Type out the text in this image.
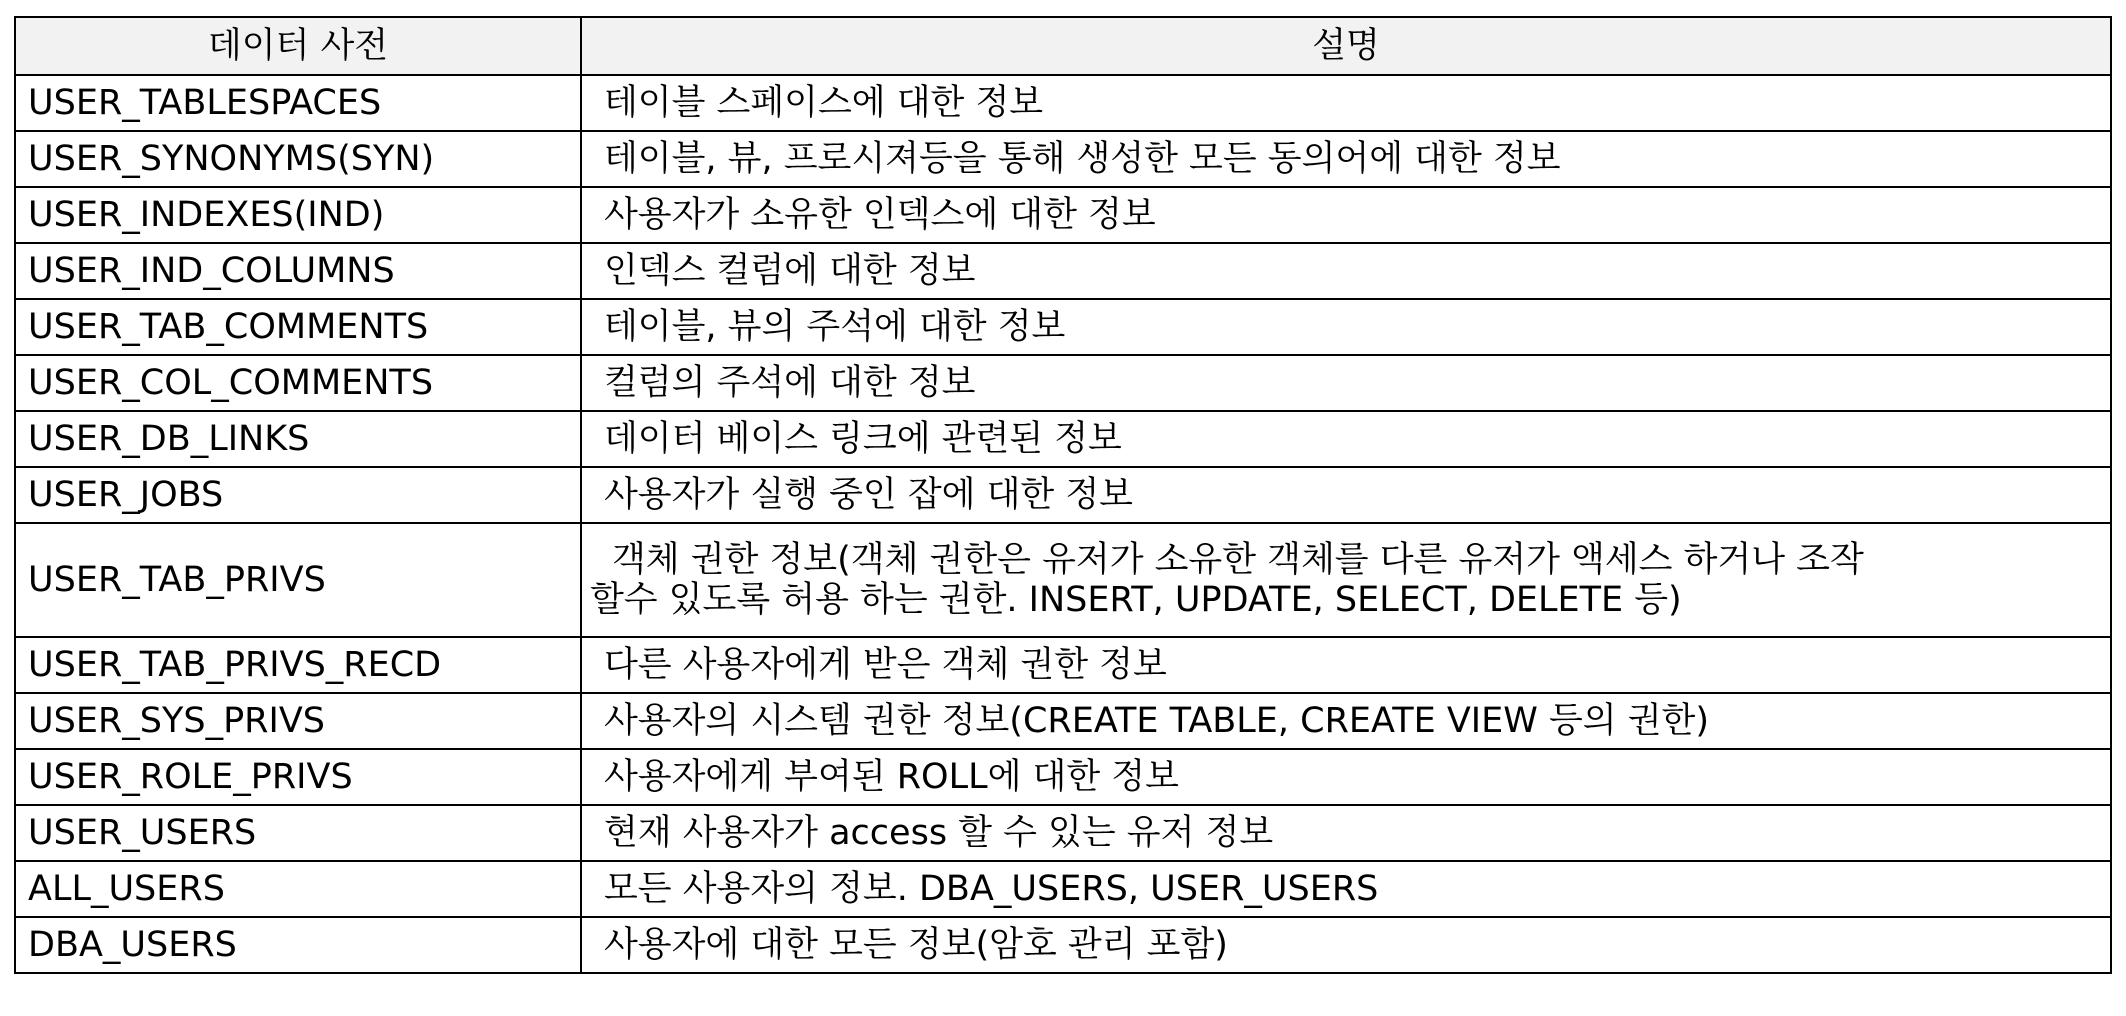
데이터 사전	설명
USER_TABLESPACES	테이블 스페이스에 대한 정보
USER_SYNONYMS(SYN)	테이블, 뷰, 프로시져등을 통해 생성한 모든 동의어에 대한 정보
USER_INDEXES(IND)	사용자가 소유한 인덱스에 대한 정보
USER_IND_COLUMNS	인덱스 컬럼에 대한 정보
USER_TAB_COMMENTS	테이블, 뷰의 주석에 대한 정보
USER_COL_COMMENTS	컬럼의 주석에 대한 정보
USER_DB_LINKS	데이터 베이스 링크에 관련된 정보
USER_JOBS	사용자가 실행 중인 잡에 대한 정보
USER_TAB_PRIVS	객체 권한 정보(객체 권한은 유저가 소유한 객체를 다른 유저가 액세스 하거나 조작
할수 있도록 허용 하는 권한. INSERT, UPDATE, SELECT, DELETE 등)

USER_TAB_PRIVS_RECD	다른 사용자에게 받은 객체 권한 정보
USER_SYS_PRIVS	사용자의 시스템 권한 정보(CREATE TABLE, CREATE VIEW 등의 권한)
USER_ROLE_PRIVS	사용자에게 부여된 ROLL에 대한 정보
USER_USERS	현재 사용자가 access 할 수 있는 유저 정보
ALL_USERS	모든 사용자의 정보. DBA_USERS, USER_USERS
DBA_USERS	사용자에 대한 모든 정보(암호 관리 포함)
